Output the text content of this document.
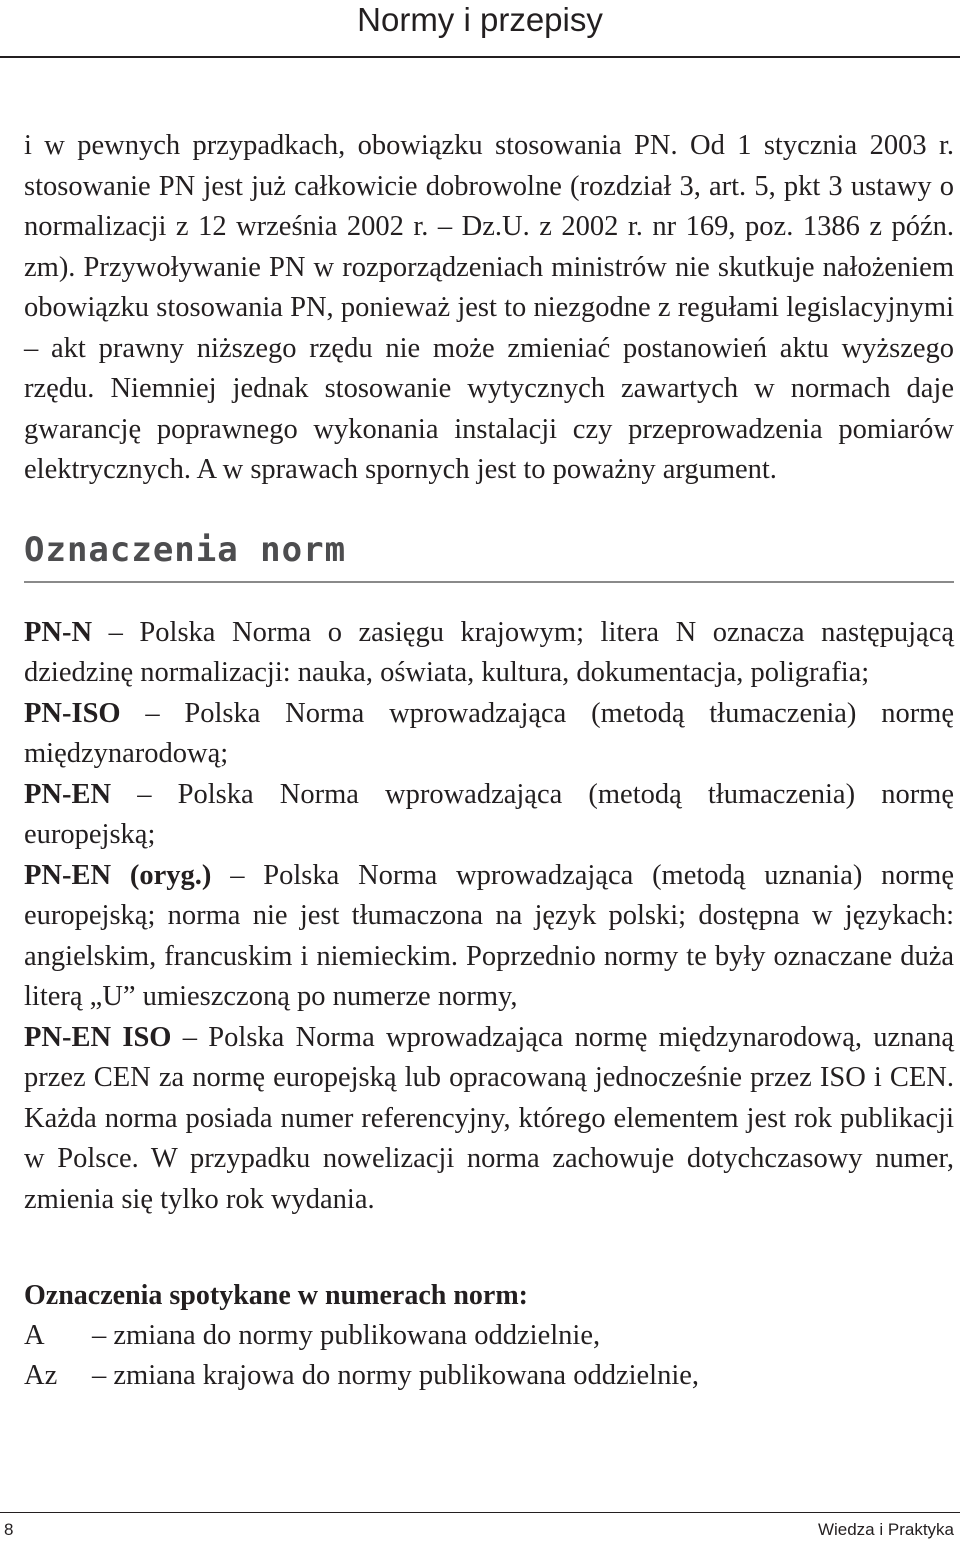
Normy i przepisy

i w pewnych przypadkach, obowiązku stosowania PN. Od 1 stycznia 2003 r. stosowanie PN jest już całkowicie dobrowolne (rozdział 3, art. 5, pkt 3 ustawy o normalizacji z 12 września 2002 r. – Dz.U. z 2002 r. nr 169, poz. 1386 z późn. zm). Przywoływanie PN w rozporządzeniach ministrów nie skutkuje nałożeniem obowiązku stosowania PN, ponieważ jest to niezgodne z regułami legislacyjnymi – akt prawny niższego rzędu nie może zmieniać postanowień aktu wyższego rzędu. Niemniej jednak stosowanie wytycznych zawartych w normach daje gwarancję poprawnego wykonania instalacji czy przeprowadzenia pomiarów elektrycznych. A w sprawach spornych jest to poważny argument.

Oznaczenia norm

PN-N – Polska Norma o zasięgu krajowym; litera N oznacza następującą dziedzinę normalizacji: nauka, oświata, kultura, dokumentacja, poligrafia;

PN-ISO – Polska Norma wprowadzająca (metodą tłumaczenia) normę międzynarodową;

PN-EN – Polska Norma wprowadzająca (metodą tłumaczenia) normę europejską;

PN-EN (oryg.) – Polska Norma wprowadzająca (metodą uznania) normę europejską; norma nie jest tłumaczona na język polski; dostępna w językach: angielskim, francuskim i niemieckim. Poprzednio normy te były oznaczane duża literą „U” umieszczoną po numerze normy,

PN-EN ISO – Polska Norma wprowadzająca normę międzynarodową, uznaną przez CEN za normę europejską lub opracowaną jednocześnie przez ISO i CEN. Każda norma posiada numer referencyjny, którego elementem jest rok publikacji w Polsce. W przypadku nowelizacji norma zachowuje dotychczasowy numer, zmienia się tylko rok wydania.

Oznaczenia spotykane w numerach norm:

A	– zmiana do normy publikowana oddzielnie,
Az	– zmiana krajowa do normy publikowana oddzielnie,
8	Wiedza i Praktyka
